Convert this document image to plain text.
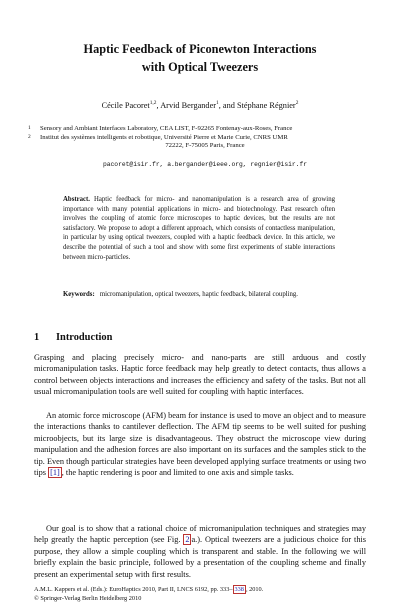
Haptic Feedback of Piconewton Interactions
with Optical Tweezers
Cécile Pacoret$^{1,2}$, Arvid Bergander$^1$, and Stéphane Régnier$^2$
1 Sensory and Ambiant Interfaces Laboratory, CEA LIST, F-92265 Fontenay-aux-Roses, France
2 Institut des systèmes intelligents et robotique, Université Pierre et Marie Curie, CNRS UMR
72222, F-75005 Paris, France
pacoret@isir.fr, a.bergander@ieee.org, regnier@isir.fr
Abstract. Haptic feedback for micro- and nanomanipulation is a research area of growing importance with many potential applications in micro- and biotechnology. Past research often involves the coupling of atomic force microscopes to haptic devices, but the results are not satisfactory. We propose to adopt a different approach, which consists of contactless manipulation, in particular by using optical tweezers, coupled with a haptic feedback device. In this article, we describe the potential of such a tool and show with some first experiments of stable interactions between micro-particles.
Keywords: micromanipulation, optical tweezers, haptic feedback, bilateral coupling.
1 Introduction
Grasping and placing precisely micro- and nano-parts are still arduous and costly micromanipulation tasks. Haptic force feedback may help greatly to detect contacts, thus allows a control between objects interactions and increases the efficiency and safety of the tasks. But not all usual micromanipulation tools are well suited for coupling with haptic interfaces.
An atomic force microscope (AFM) beam for instance is used to move an object and to measure the interactions thanks to cantilever deflection. The AFM tip seems to be well suited for pushing microobjects, but its large size is disadvantageous. They obstruct the microscope view during manipulation and the adhesion forces are also important on its surfaces and the samples stick to the tip. Even though particular strategies have been developed applying surface treatments or using two tips [1] , the haptic rendering is poor and limited to one axis and simple tasks.
Our goal is to show that a rational choice of micromanipulation techniques and strategies may help greatly the haptic perception (see Fig. 2 a.). Optical tweezers are a judicious choice for this purpose, they allow a simple coupling which is transparent and stable. In the following we will briefly explain the basic principle, followed by a presentation of the coupling scheme and finally present an experimental setup with first results.
A.M.L. Kappers et al. (Eds.): EuroHaptics 2010, Part II, LNCS 6192, pp. 333– 338 , 2010.
© Springer-Verlag Berlin Heidelberg 2010
